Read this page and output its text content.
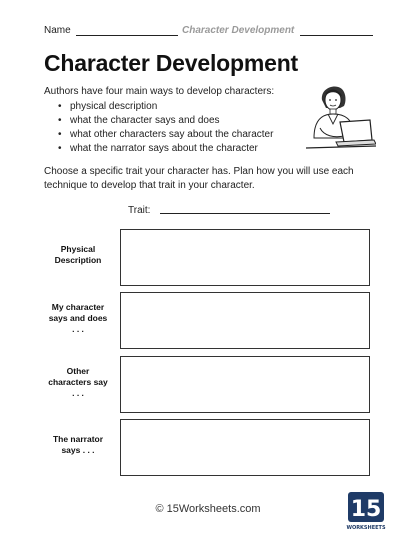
Name	Character Development
Character Development
Authors have four main ways to develop characters:
• physical description
• what the character says and does
• what other characters say about the character
• what the narrator says about the character
Choose a specific trait your character has. Plan how you will use each technique to develop that trait in your character.
Trait:
Physical
Description
My character
says and does
. . .
Other
characters say
. . .
The narrator
says . . .
© 15Worksheets.com	15
WORKSHEETS
